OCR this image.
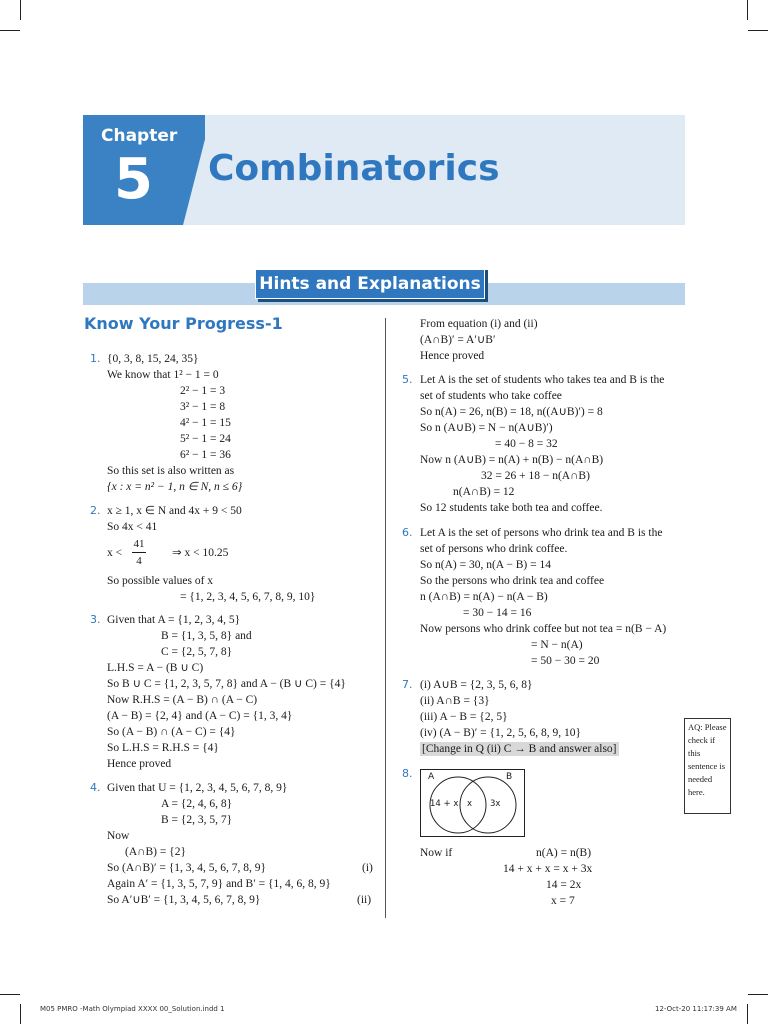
Chapter
5 Combinatorics
Hints and Explanations
Know Your Progress-1
1. {0, 3, 8, 15, 24, 35}
We know that 1² − 1 = 0
2² − 1 = 3
3² − 1 = 8
4² − 1 = 15
5² − 1 = 24
6² − 1 = 36
So this set is also written as
{x : x = n² − 1, n ∈ N, n ≤ 6}
2. x ≥ 1, x ∈ N and 4x + 9 < 50
So 4x < 41
x <
41
4
⇒ x < 10.25
So possible values of x
= {1, 2, 3, 4, 5, 6, 7, 8, 9, 10}
3. Given that A = {1, 2, 3, 4, 5}
B = {1, 3, 5, 8} and
C = {2, 5, 7, 8}
L.H.S = A − (B ∪ C)
So B ∪ C = {1, 2, 3, 5, 7, 8} and A − (B ∪ C) = {4}
Now R.H.S = (A − B) ∩ (A − C)
(A − B) = {2, 4} and (A − C) = {1, 3, 4}
So (A − B) ∩ (A − C) = {4}
So L.H.S = R.H.S = {4}
Hence proved
4. Given that U = {1, 2, 3, 4, 5, 6, 7, 8, 9}
A = {2, 4, 6, 8}
B = {2, 3, 5, 7}
Now
(A∩B) = {2}
So (A∩B)′ = {1, 3, 4, 5, 6, 7, 8, 9}	(i)
Again A′ = {1, 3, 5, 7, 9} and B′ = {1, 4, 6, 8, 9}
So A′∪B′ = {1, 3, 4, 5, 6, 7, 8, 9}	(ii)
From equation (i) and (ii)
(A∩B)′ = A′∪B′
Hence proved
5. Let A is the set of students who takes tea and B is the
set of students who take coffee
So n(A) = 26, n(B) = 18, n((A∪B)′) = 8
So n (A∪B) = N − n(A∪B)′)
= 40 − 8 = 32
Now n (A∪B) = n(A) + n(B) − n(A∩B)
32 = 26 + 18 − n(A∩B)
n(A∩B) = 12
So 12 students take both tea and coffee.
6. Let A is the set of persons who drink tea and B is the
set of persons who drink coffee.
So n(A) = 30, n(A − B) = 14
So the persons who drink tea and coffee
n (A∩B) = n(A) − n(A − B)
= 30 − 14 = 16
Now persons who drink coffee but not tea = n(B − A)
= N − n(A)
= 50 − 30 = 20
7. (i) A∪B = {2, 3, 5, 6, 8}
(ii) A∩B = {3}
(iii) A − B = {2, 5}
(iv) (A − B)′ = {1, 2, 5, 6, 8, 9, 10}
[Change in Q (ii) C → B and answer also]
AQ: Please check if this sentence is needed here.
8. A	B
14 + x x 3x
Now if	n(A) = n(B)
14 + x + x = x + 3x
14 = 2x
x = 7
M05 PMRO -Math Olympiad XXXX 00_Solution.indd 1	12-Oct-20 11:17:39 AM
